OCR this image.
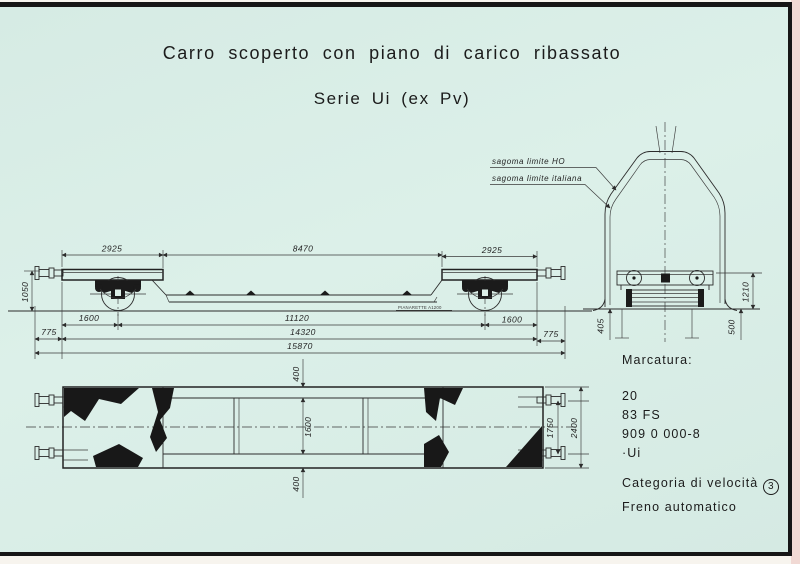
Carro scoperto con piano di carico ribassato
Serie Ui (ex Pv)
PIANARETTE A1200
2925	8470	2925
1050
1600	11120	1600
775	14320	775
15870
sagoma limite HO
sagoma limite italiana
1210
405	500
400
1600
400
1750 2400
Marcatura:
20
83 FS
909 0 000-8
·Ui
Categoria di velocità 3
Freno automatico
